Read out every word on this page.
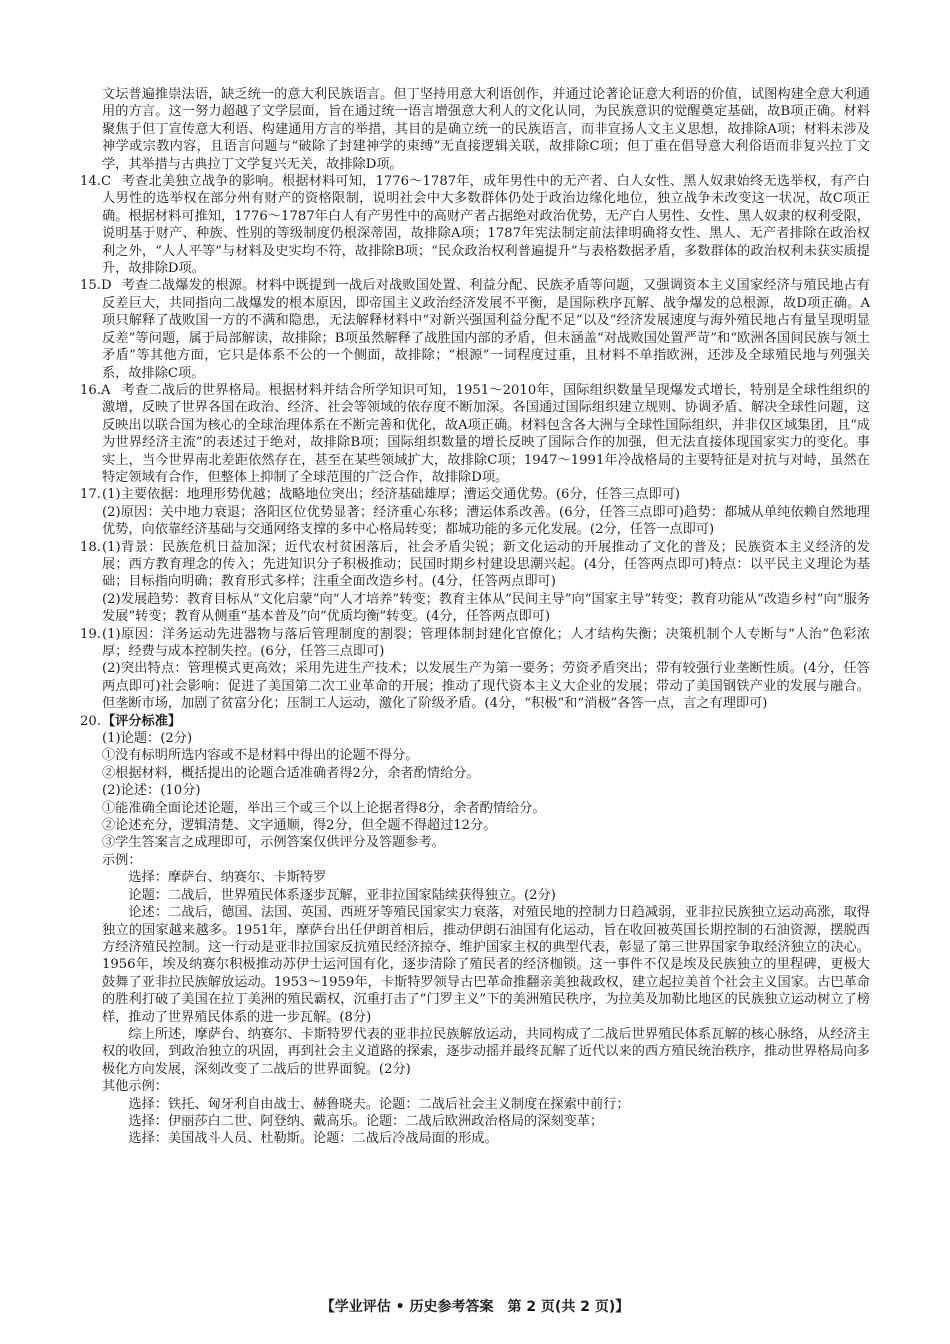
文坛普遍推崇法语，缺乏统一的意大利民族语言。但丁坚持用意大利语创作，并通过论著论证意大利语的价值，试图构建全意大利通用的方言。这一努力超越了文学层面，旨在通过统一语言增强意大利人的文化认同，为民族意识的觉醒奠定基础，故B项正确。材料聚焦于但丁宣传意大利语、构建通用方言的举措，其目的是确立统一的民族语言，而非宣扬人文主义思想，故排除A项；材料未涉及神学或宗教内容，且语言问题与“破除了封建神学的束缚”无直接逻辑关联，故排除C项；但丁重在倡导意大利俗语而非复兴拉丁文学，其举措与古典拉丁文学复兴无关，故排除D项。

14.C 考查北美独立战争的影响。根据材料可知，1776～1787年，成年男性中的无产者、白人女性、黑人奴隶始终无选举权，有产白人男性的选举权在部分州有财产的资格限制，说明社会中大多数群体仍处于政治边缘化地位，独立战争未改变这一状况，故C项正确。根据材料可推知，1776～1787年白人有产男性中的高财产者占据绝对政治优势，无产白人男性、女性、黑人奴隶的权利受限，说明基于财产、种族、性别的等级制度仍根深蒂固，故排除A项；1787年宪法制定前法律明确将女性、黑人、无产者排除在政治权利之外，“人人平等”与材料及史实均不符，故排除B项；“民众政治权利普遍提升”与表格数据矛盾，多数群体的政治权利未获实质提升，故排除D项。

15.D 考查二战爆发的根源。材料中既提到一战后对战败国处置、利益分配、民族矛盾等问题，又强调资本主义国家经济与殖民地占有反差巨大，共同指向二战爆发的根本原因，即帝国主义政治经济发展不平衡，是国际秩序瓦解、战争爆发的总根源，故D项正确。A项只解释了战败国一方的不满和隐患，无法解释材料中“对新兴强国利益分配不足”以及“经济发展速度与海外殖民地占有量呈现明显反差”等问题，属于局部解读，故排除；B项虽然解释了战胜国内部的矛盾，但未涵盖“对战败国处置严苛”和“欧洲各国间民族与领土矛盾”等其他方面，它只是体系不公的一个侧面，故排除；“根源”一词程度过重，且材料不单指欧洲，还涉及全球殖民地与列强关系，故排除C项。

16.A 考查二战后的世界格局。根据材料并结合所学知识可知，1951～2010年，国际组织数量呈现爆发式增长，特别是全球性组织的激增，反映了世界各国在政治、经济、社会等领域的依存度不断加深。各国通过国际组织建立规则、协调矛盾、解决全球性问题，这反映出以联合国为核心的全球治理体系在不断完善和优化，故A项正确。材料包含各大洲与全球性国际组织，并非仅区域集团，且“成为世界经济主流”的表述过于绝对，故排除B项；国际组织数量的增长反映了国际合作的加强，但无法直接体现国家实力的变化。事实上，当今世界南北差距依然存在，甚至在某些领域扩大，故排除C项；1947～1991年冷战格局的主要特征是对抗与对峙，虽然在特定领域有合作，但整体上抑制了全球范围的广泛合作，故排除D项。

17. (1)主要依据：地理形势优越；战略地位突出；经济基础雄厚；漕运交通优势。(6分，任答三点即可)

(2)原因：关中地力衰退；洛阳区位优势显著；经济重心东移；漕运体系改善。(6分，任答三点即可)趋势：都城从单纯依赖自然地理优势，向依靠经济基础与交通网络支撑的多中心格局转变；都城功能的多元化发展。(2分，任答一点即可)

18. (1)背景：民族危机日益加深；近代农村贫困落后，社会矛盾尖锐；新文化运动的开展推动了文化的普及；民族资本主义经济的发展；西方教育理念的传入；先进知识分子积极推动；民国时期乡村建设思潮兴起。(4分，任答两点即可)特点：以平民主义理论为基础；目标指向明确；教育形式多样；注重全面改造乡村。(4分，任答两点即可)

(2)发展趋势：教育目标从“文化启蒙”向“人才培养”转变；教育主体从“民间主导”向“国家主导”转变；教育功能从“改造乡村”向“服务发展”转变；教育从侧重“基本普及”向“优质均衡”转变。(4分，任答两点即可)

19. (1)原因：洋务运动先进器物与落后管理制度的割裂；管理体制封建化官僚化；人才结构失衡；决策机制个人专断与“人治”色彩浓厚；经费与成本控制失控。(6分，任答三点即可)

(2)突出特点：管理模式更高效；采用先进生产技术；以发展生产为第一要务；劳资矛盾突出；带有较强行业垄断性质。(4分，任答两点即可)社会影响：促进了美国第二次工业革命的开展；推动了现代资本主义大企业的发展；带动了美国钢铁产业的发展与融合。但垄断市场，加剧了贫富分化；压制工人运动，激化了阶级矛盾。(4分，“积极”和“消极”各答一点，言之有理即可)

20. 【评分标准】

(1)论题：(2分)

①没有标明所选内容或不是材料中得出的论题不得分。

②根据材料，概括提出的论题合适准确者得2分，余者酌情给分。

(2)论述：(10分)

①能准确全面论述论题，举出三个或三个以上论据者得8分，余者酌情给分。

②论述充分，逻辑清楚、文字通顺，得2分，但全题不得超过12分。

③学生答案言之成理即可，示例答案仅供评分及答题参考。

示例：

选择：摩萨台、纳赛尔、卡斯特罗

论题：二战后，世界殖民体系逐步瓦解，亚非拉国家陆续获得独立。(2分)

论述：二战后，德国、法国、英国、西班牙等殖民国家实力衰落，对殖民地的控制力日趋减弱，亚非拉民族独立运动高涨，取得独立的国家越来越多。1951年，摩萨台出任伊朗首相后，推动伊朗石油国有化运动，旨在收回被英国长期控制的石油资源，摆脱西方经济殖民控制。这一行动是亚非拉国家反抗殖民经济掠夺、维护国家主权的典型代表，彰显了第三世界国家争取经济独立的决心。1956年，埃及纳赛尔积极推动苏伊士运河国有化，逐步清除了殖民者的经济枷锁。这一事件不仅是埃及民族独立的里程碑，更极大鼓舞了亚非拉民族解放运动。1953～1959年，卡斯特罗领导古巴革命推翻亲美独裁政权，建立起拉美首个社会主义国家。古巴革命的胜利打破了美国在拉丁美洲的殖民霸权，沉重打击了“门罗主义”下的美洲殖民秩序，为拉美及加勒比地区的民族独立运动树立了榜样，推动了世界殖民体系的进一步瓦解。(8分)

综上所述，摩萨台、纳赛尔、卡斯特罗代表的亚非拉民族解放运动，共同构成了二战后世界殖民体系瓦解的核心脉络，从经济主权的收回，到政治独立的巩固，再到社会主义道路的探索，逐步动摇并最终瓦解了近代以来的西方殖民统治秩序，推动世界格局向多极化方向发展，深刻改变了二战后的世界面貌。(2分)

其他示例：

选择：铁托、匈牙利自由战士、赫鲁晓夫。论题：二战后社会主义制度在探索中前行；

选择：伊丽莎白二世、阿登纳、戴高乐。论题：二战后欧洲政治格局的深刻变革；

选择：美国战斗人员、杜勒斯。论题：二战后冷战局面的形成。

【学业评估 • 历史参考答案　第 2 页(共 2 页)】
